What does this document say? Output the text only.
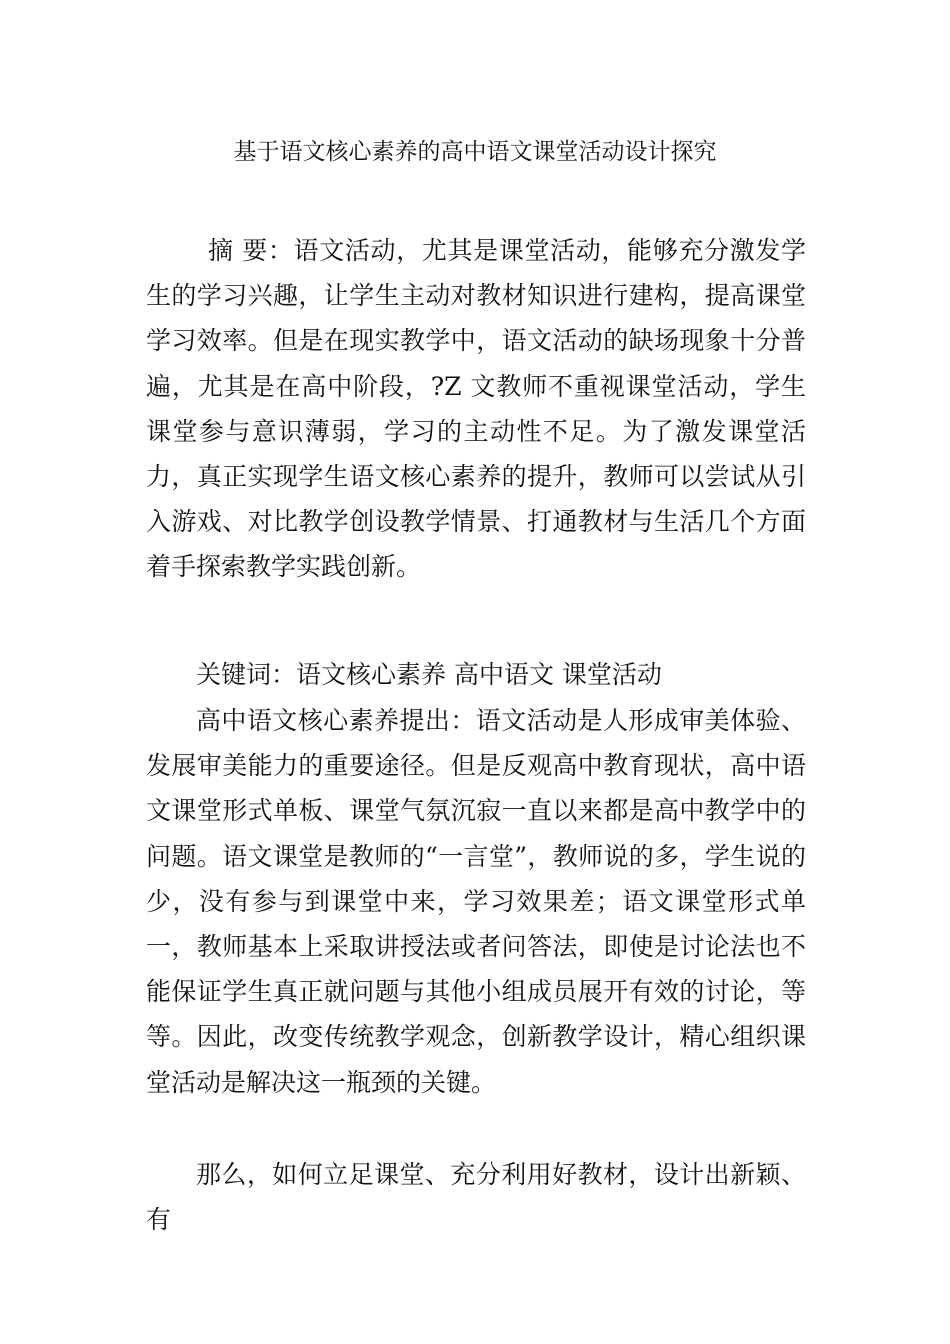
基于语文核心素养的高中语文课堂活动设计探究
摘 要：语文活动，尤其是课堂活动，能够充分激发学生的学习兴趣，让学生主动对教材知识进行建构，提高课堂学习效率。但是在现实教学中，语文活动的缺场现象十分普遍，尤其是在高中阶段，?Z 文教师不重视课堂活动，学生课堂参与意识薄弱，学习的主动性不足。为了激发课堂活力，真正实现学生语文核心素养的提升，教师可以尝试从引入游戏、对比教学创设教学情景、打通教材与生活几个方面着手探索教学实践创新。
关键词：语文核心素养 高中语文 课堂活动
高中语文核心素养提出：语文活动是人形成审美体验、发展审美能力的重要途径。但是反观高中教育现状，高中语文课堂形式单板、课堂气氛沉寂一直以来都是高中教学中的问题。语文课堂是教师的“一言堂”，教师说的多，学生说的少，没有参与到课堂中来，学习效果差；语文课堂形式单一，教师基本上采取讲授法或者问答法，即使是讨论法也不能保证学生真正就问题与其他小组成员展开有效的讨论，等等。因此，改变传统教学观念，创新教学设计，精心组织课堂活动是解决这一瓶颈的关键。
那么，如何立足课堂、充分利用好教材，设计出新颖、有
